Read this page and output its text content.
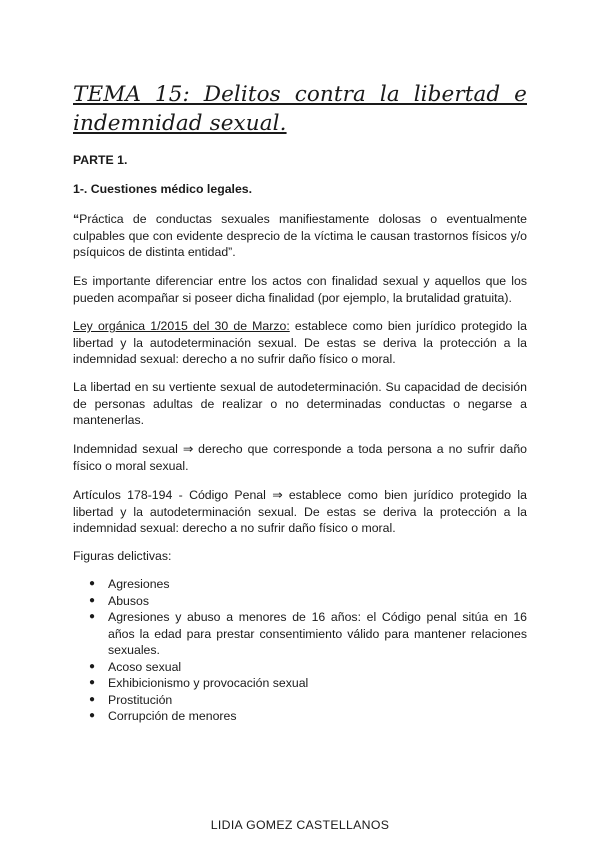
TEMA 15: Delitos contra la libertad e
indemnidad sexual.

PARTE 1.

1-. Cuestiones médico legales.

“Práctica de conductas sexuales manifiestamente dolosas o eventualmente culpables que con evidente desprecio de la víctima le causan trastornos físicos y/o psíquicos de distinta entidad”.

Es importante diferenciar entre los actos con finalidad sexual y aquellos que los pueden acompañar si poseer dicha finalidad (por ejemplo, la brutalidad gratuita).

Ley orgánica 1/2015 del 30 de Marzo: establece como bien jurídico protegido la libertad y la autodeterminación sexual. De estas se deriva la protección a la indemnidad sexual: derecho a no sufrir daño físico o moral.

La libertad en su vertiente sexual de autodeterminación. Su capacidad de decisión de personas adultas de realizar o no determinadas conductas o negarse a mantenerlas.

Indemnidad sexual ⇒ derecho que corresponde a toda persona a no sufrir daño físico o moral sexual.

Artículos 178-194 - Código Penal ⇒ establece como bien jurídico protegido la libertad y la autodeterminación sexual. De estas se deriva la protección a la indemnidad sexual: derecho a no sufrir daño físico o moral.

Figuras delictivas:

● Agresiones
● Abusos
● Agresiones y abuso a menores de 16 años: el Código penal sitúa en 16 años la edad para prestar consentimiento válido para mantener relaciones sexuales.
● Acoso sexual
● Exhibicionismo y provocación sexual
● Prostitución
● Corrupción de menores
LIDIA GOMEZ CASTELLANOS
